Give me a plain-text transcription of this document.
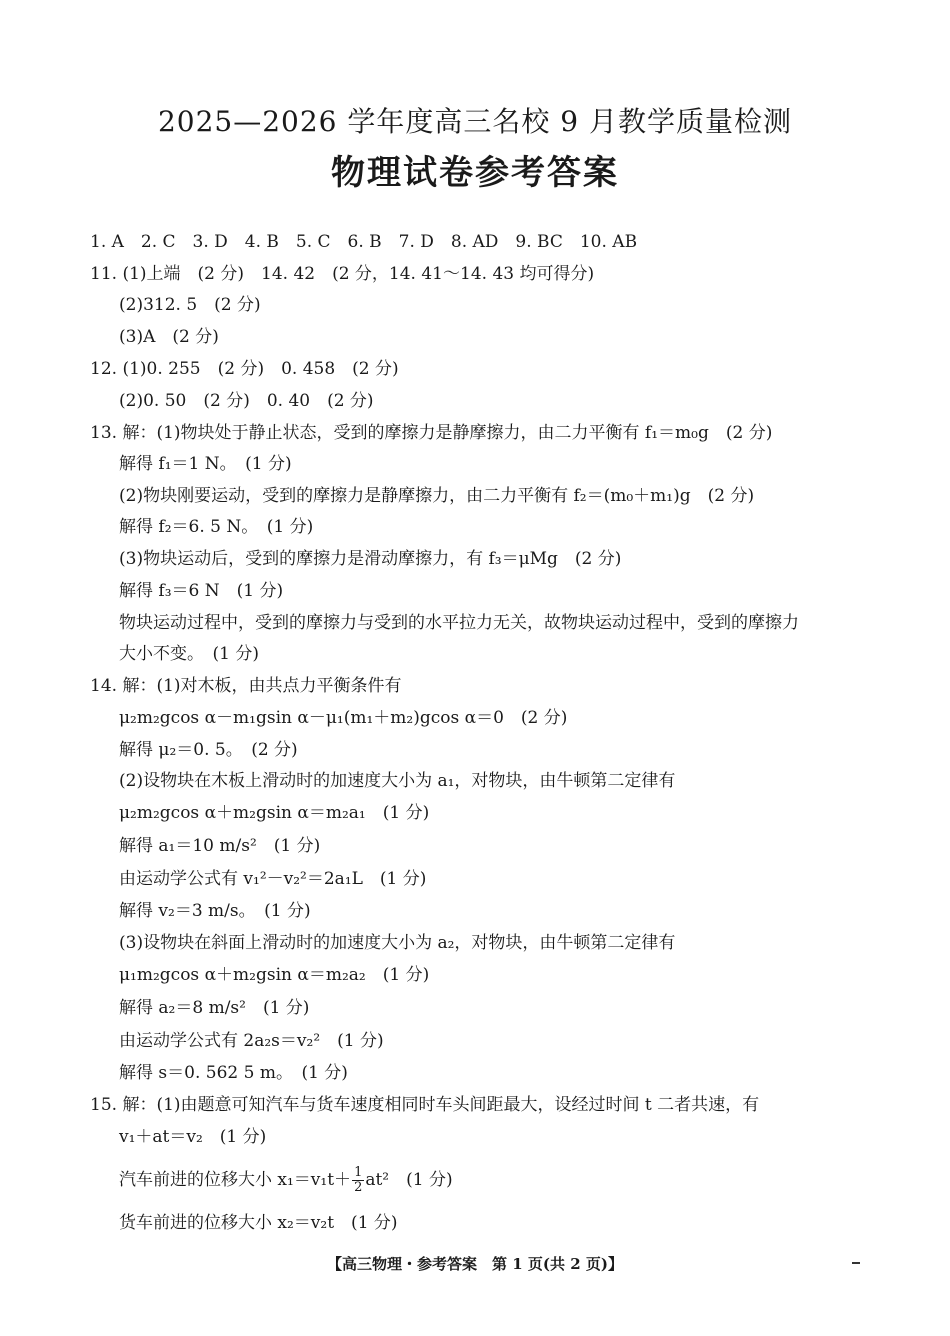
2025—2026 学年度高三名校 9 月教学质量检测
物理试卷参考答案
1. A　2. C　3. D　4. B　5. C　6. B　7. D　8. AD　9. BC　10. AB
11. (1)上端　(2 分)　14. 42　(2 分，14. 41～14. 43 均可得分)
(2)312. 5　(2 分)
(3)A　(2 分)
12. (1)0. 255　(2 分)　0. 458　(2 分)
(2)0. 50　(2 分)　0. 40　(2 分)
13. 解：(1)物块处于静止状态，受到的摩擦力是静摩擦力，由二力平衡有 f₁＝m₀g　(2 分)
解得 f₁＝1 N。　(1 分)
(2)物块刚要运动，受到的摩擦力是静摩擦力，由二力平衡有 f₂＝(m₀＋m₁)g　(2 分)
解得 f₂＝6. 5 N。　(1 分)
(3)物块运动后，受到的摩擦力是滑动摩擦力，有 f₃＝μMg　(2 分)
解得 f₃＝6 N　(1 分)
物块运动过程中，受到的摩擦力与受到的水平拉力无关，故物块运动过程中，受到的摩擦力
大小不变。　(1 分)
14. 解：(1)对木板，由共点力平衡条件有
μ₂m₂gcos α－m₁gsin α－μ₁(m₁＋m₂)gcos α＝0　(2 分)
解得 μ₂＝0. 5。　(2 分)
(2)设物块在木板上滑动时的加速度大小为 a₁，对物块，由牛顿第二定律有
μ₂m₂gcos α＋m₂gsin α＝m₂a₁　(1 分)
解得 a₁＝10 m/s²　(1 分)
由运动学公式有 v₁²－v₂²＝2a₁L　(1 分)
解得 v₂＝3 m/s。　(1 分)
(3)设物块在斜面上滑动时的加速度大小为 a₂，对物块，由牛顿第二定律有
μ₁m₂gcos α＋m₂gsin α＝m₂a₂　(1 分)
解得 a₂＝8 m/s²　(1 分)
由运动学公式有 2a₂s＝v₂²　(1 分)
解得 s＝0. 562 5 m。　(1 分)
15. 解：(1)由题意可知汽车与货车速度相同时车头间距最大，设经过时间 t 二者共速，有
v₁＋at＝v₂　(1 分)
汽车前进的位移大小 $x_1=v_1t+ \frac{1}{2} at^2$　(1 分)
货车前进的位移大小 x₂＝v₂t　(1 分)
【高三物理・参考答案　第 1 页(共 2 页)】
